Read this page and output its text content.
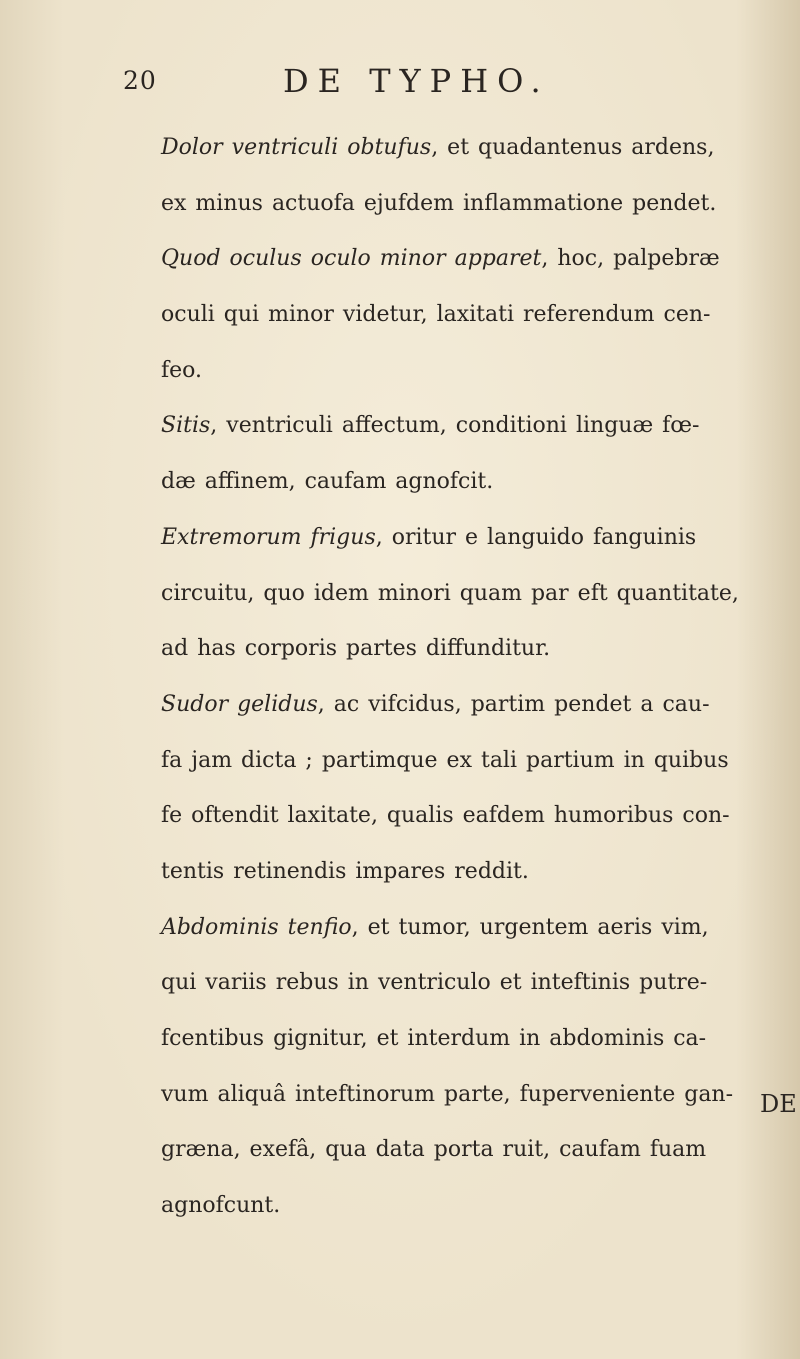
20	DE TYPHO.
Dolor ventriculi obtufus, et quadantenus ardens,
ex minus actuofa ejufdem inflammatione pendet.
Quod oculus oculo minor apparet, hoc, palpebræ
oculi qui minor videtur, laxitati referendum cen-
feo.
Sitis, ventriculi affectum, conditioni linguæ fœ-
dæ affinem, caufam agnofcit.
Extremorum frigus, oritur e languido fanguinis
circuitu, quo idem minori quam par eft quantitate,
ad has corporis partes diffunditur.
Sudor gelidus, ac vifcidus, partim pendet a cau-
fa jam dicta ; partimque ex tali partium in quibus
fe oftendit laxitate, qualis eafdem humoribus con-
tentis retinendis impares reddit.
Abdominis tenfio, et tumor, urgentem aeris vim,
qui variis rebus in ventriculo et inteftinis putre-
fcentibus gignitur, et interdum in abdominis ca-
vum aliquâ inteftinorum parte, fuperveniente gan-
græna, exefâ, qua data porta ruit, caufam fuam
agnofcunt.
DE
